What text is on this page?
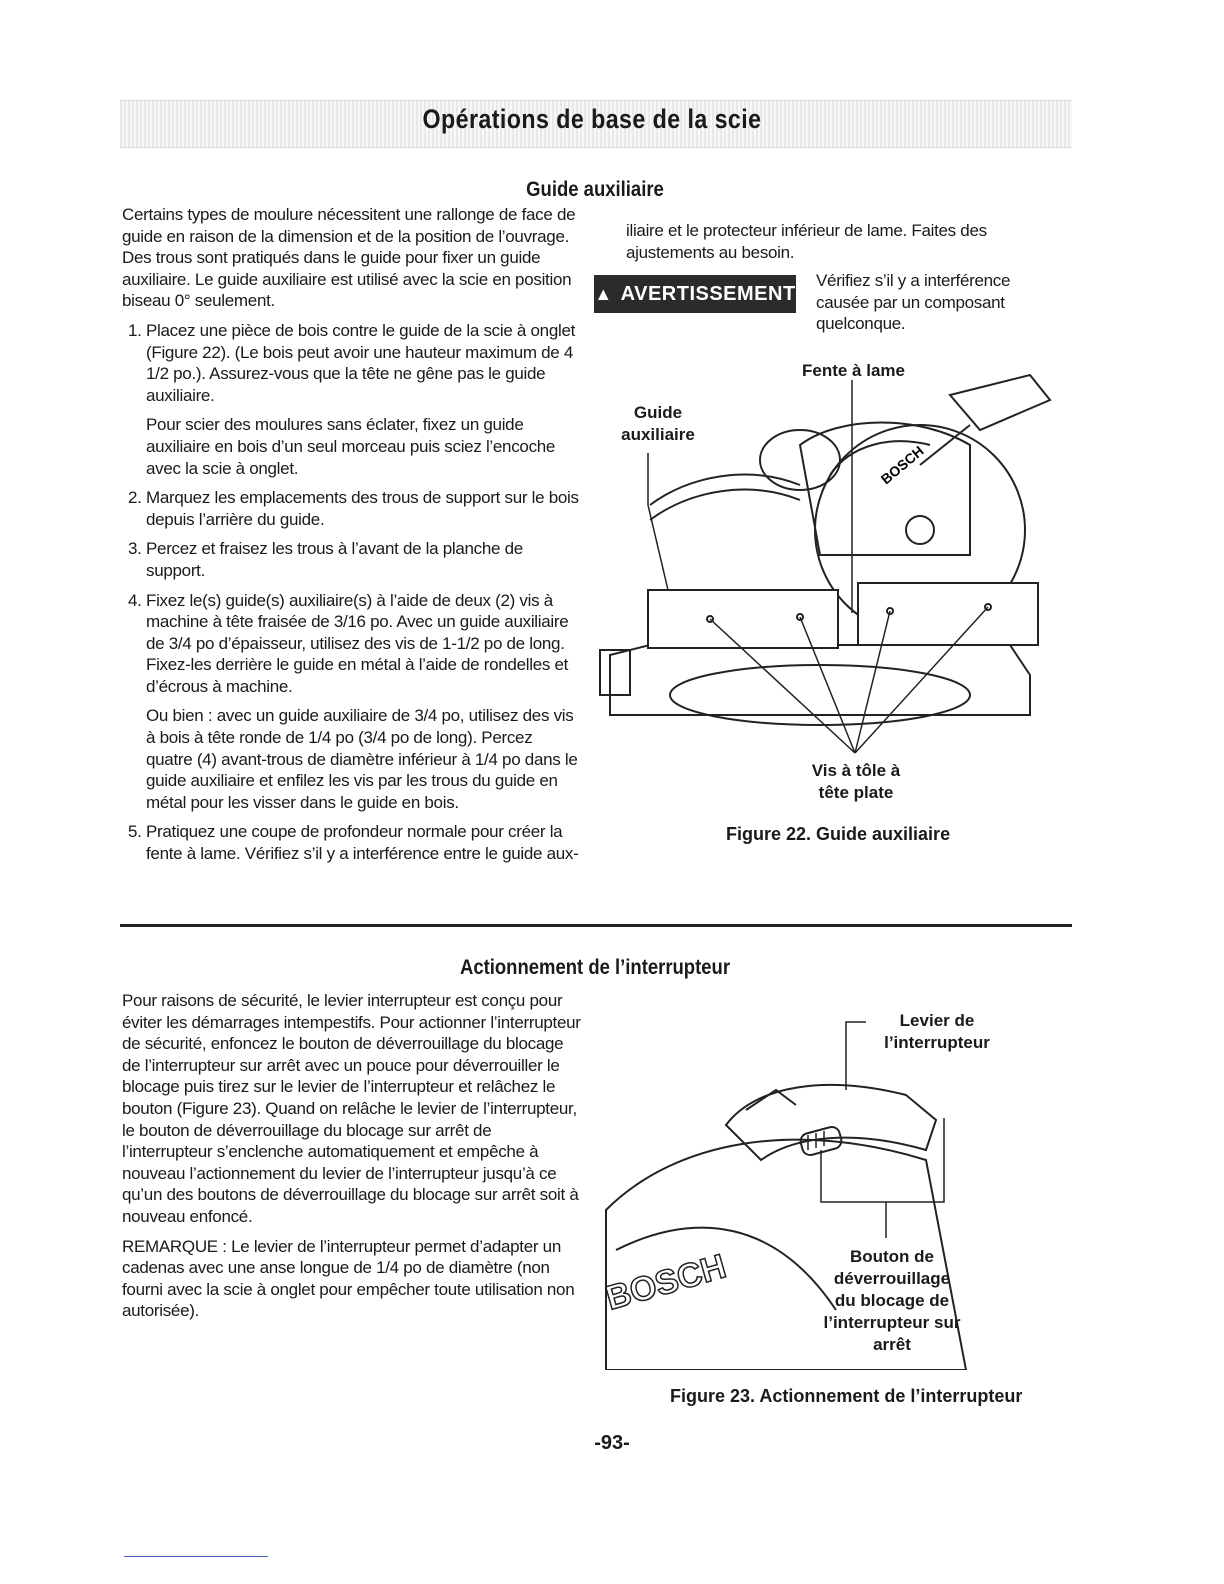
Opérations de base de la scie
Guide auxiliaire

Certains types de moulure nécessitent une rallonge de face de guide en raison de la dimension et de la position de l’ouvrage. Des trous sont pratiqués dans le guide pour fixer un guide auxiliaire. Le guide auxiliaire est utilisé avec la scie en position biseau 0° seulement.

1. Placez une pièce de bois contre le guide de la scie à onglet (Figure 22). (Le bois peut avoir une hauteur maximum de 4 1/2 po.). Assurez-vous que la tête ne gêne pas le guide auxiliaire.

Pour scier des moulures sans éclater, fixez un guide auxiliaire en bois d’un seul morceau puis sciez l’encoche avec la scie à onglet.

2. Marquez les emplacements des trous de support sur le bois depuis l’arrière du guide.
3. Percez et fraisez les trous à l’avant de la planche de support.
4. Fixez le(s) guide(s) auxiliaire(s) à l’aide de deux (2) vis à machine à tête fraisée de 3/16 po. Avec un guide auxiliaire de 3/4 po d’épaisseur, utilisez des vis de 1-1/2 po de long. Fixez-les derrière le guide en métal à l’aide de rondelles et d’écrous à machine.

Ou bien : avec un guide auxiliaire de 3/4 po, utilisez des vis à bois à tête ronde de 1/4 po (3/4 po de long). Percez quatre (4) avant-trous de diamètre inférieur à 1/4 po dans le guide auxiliaire et enfilez les vis par les trous du guide en métal pour les visser dans le guide en bois.

5. Pratiquez une coupe de profondeur normale pour créer la fente à lame. Vérifiez s’il y a interférence entre le guide aux-
iliaire et le protecteur inférieur de lame. Faites des ajustements au besoin.
▲ AVERTISSEMENT
Vérifiez s’il y a interférence causée par un composant quelconque.
BOSCH
Fente à lame
Guide auxiliaire
Vis à tôle à tête plate
Figure 22. Guide auxiliaire
Actionnement de l’interrupteur

Pour raisons de sécurité, le levier interrupteur est conçu pour éviter les démarrages intempestifs. Pour actionner l’interrupteur de sécurité, enfoncez le bouton de déverrouillage du blocage de l’interrupteur sur arrêt avec un pouce pour déverrouiller le blocage puis tirez sur le levier de l’interrupteur et relâchez le bouton (Figure 23). Quand on relâche le levier de l’interrupteur, le bouton de déverrouillage du blocage sur arrêt de l’interrupteur s’enclenche automatiquement et empêche à nouveau l’actionnement du levier de l’interrupteur jusqu’à ce qu’un des boutons de déverrouillage du blocage sur arrêt soit à nouveau enfoncé.

REMARQUE : Le levier de l’interrupteur permet d’adapter un cadenas avec une anse longue de 1/4 po de diamètre (non fourni avec la scie à onglet pour empêcher toute utilisation non autorisée).	BOSCH
Levier de l’interrupteur
Bouton de déverrouillage du blocage de l’interrupteur sur arrêt
Figure 23. Actionnement de l’interrupteur
-93-
